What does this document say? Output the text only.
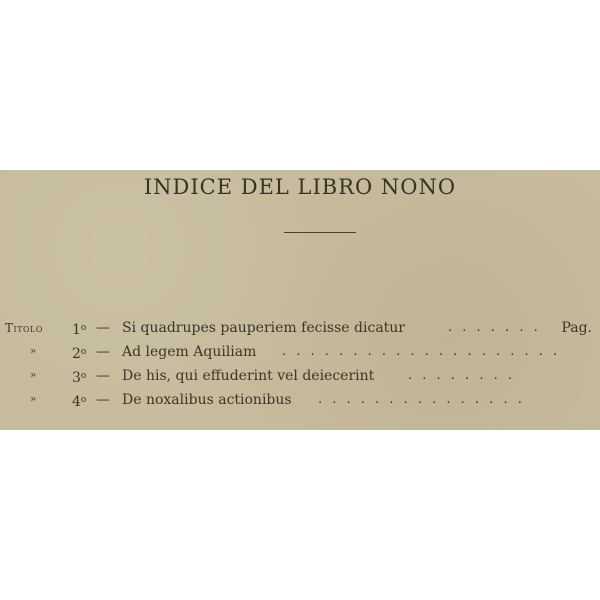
INDICE DEL LIBRO NONO
Titolo 1$^o$ — Si quadrupes pauperiem fecisse dicatur	. . . . . . . Pag.
»	2$^o$ — Ad legem Aquiliam . . . . . . . . . . . . . . . . . . . .
»	3$^o$ — De his, qui effuderint vel deiecerint	. . . . . . . .
»	4$^o$ — De noxalibus actionibus . . . . . . . . . . . . . . .
